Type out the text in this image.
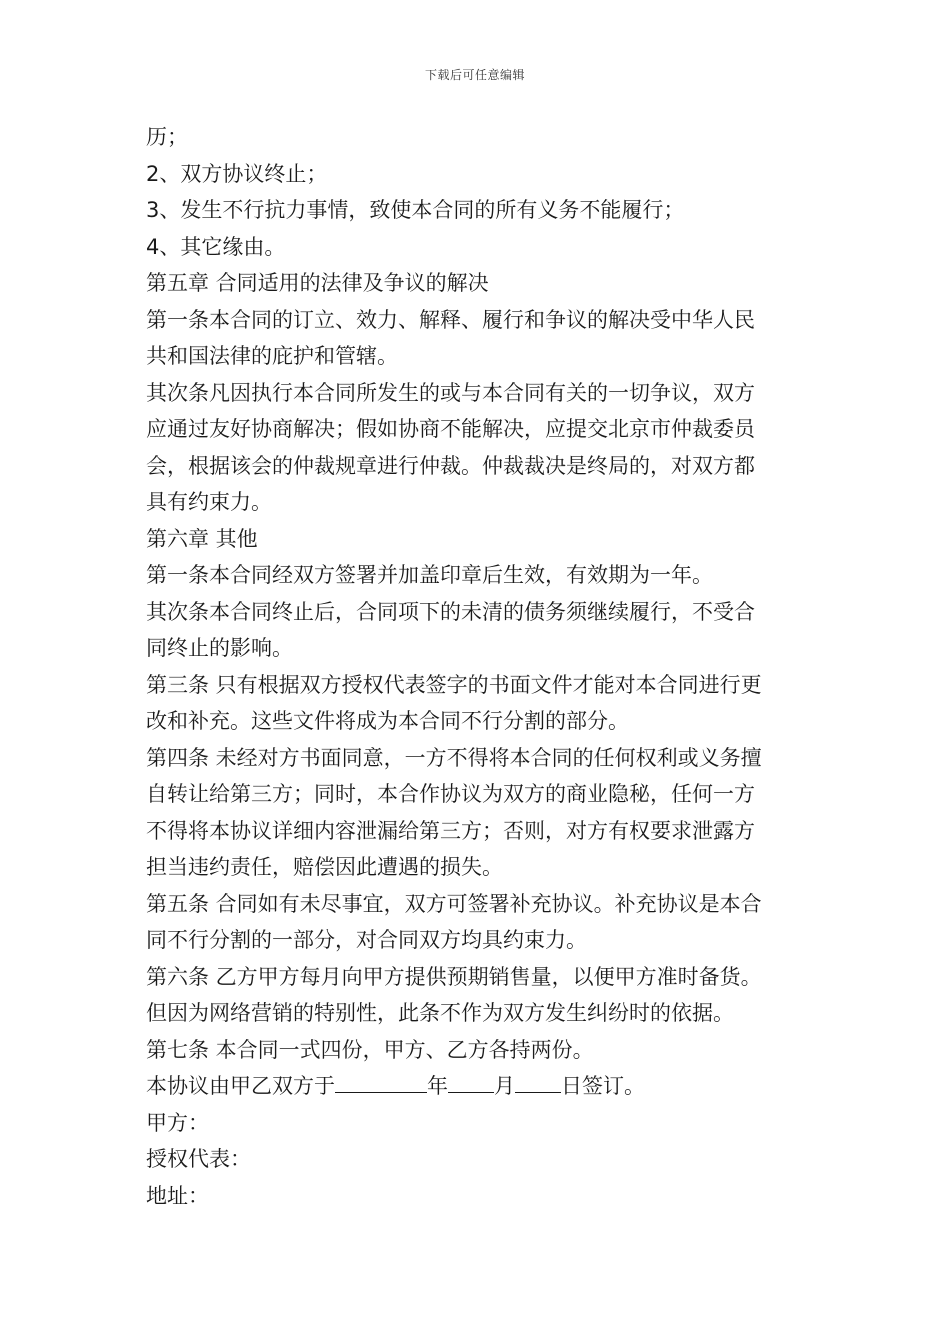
下载后可任意编辑
历；
2、双方协议终止；
3、发生不行抗力事情，致使本合同的所有义务不能履行；
4、其它缘由。
第五章 合同适用的法律及争议的解决
第一条本合同的订立、效力、解释、履行和争议的解决受中华人民
共和国法律的庇护和管辖。
其次条凡因执行本合同所发生的或与本合同有关的一切争议，双方
应通过友好协商解决；假如协商不能解决，应提交北京市仲裁委员
会，根据该会的仲裁规章进行仲裁。仲裁裁决是终局的，对双方都
具有约束力。
第六章 其他
第一条本合同经双方签署并加盖印章后生效，有效期为一年。
其次条本合同终止后，合同项下的未清的债务须继续履行，不受合
同终止的影响。
第三条 只有根据双方授权代表签字的书面文件才能对本合同进行更
改和补充。这些文件将成为本合同不行分割的部分。
第四条 未经对方书面同意，一方不得将本合同的任何权利或义务擅
自转让给第三方；同时，本合作协议为双方的商业隐秘，任何一方
不得将本协议详细内容泄漏给第三方；否则，对方有权要求泄露方
担当违约责任，赔偿因此遭遇的损失。
第五条 合同如有未尽事宜，双方可签署补充协议。补充协议是本合
同不行分割的一部分，对合同双方均具约束力。
第六条 乙方甲方每月向甲方提供预期销售量，以便甲方准时备货。
但因为网络营销的特别性，此条不作为双方发生纠纷时的依据。
第七条 本合同一式四份，甲方、乙方各持两份。
本协议由甲乙双方于	年 月 日签订。
甲方：
授权代表：
地址：
